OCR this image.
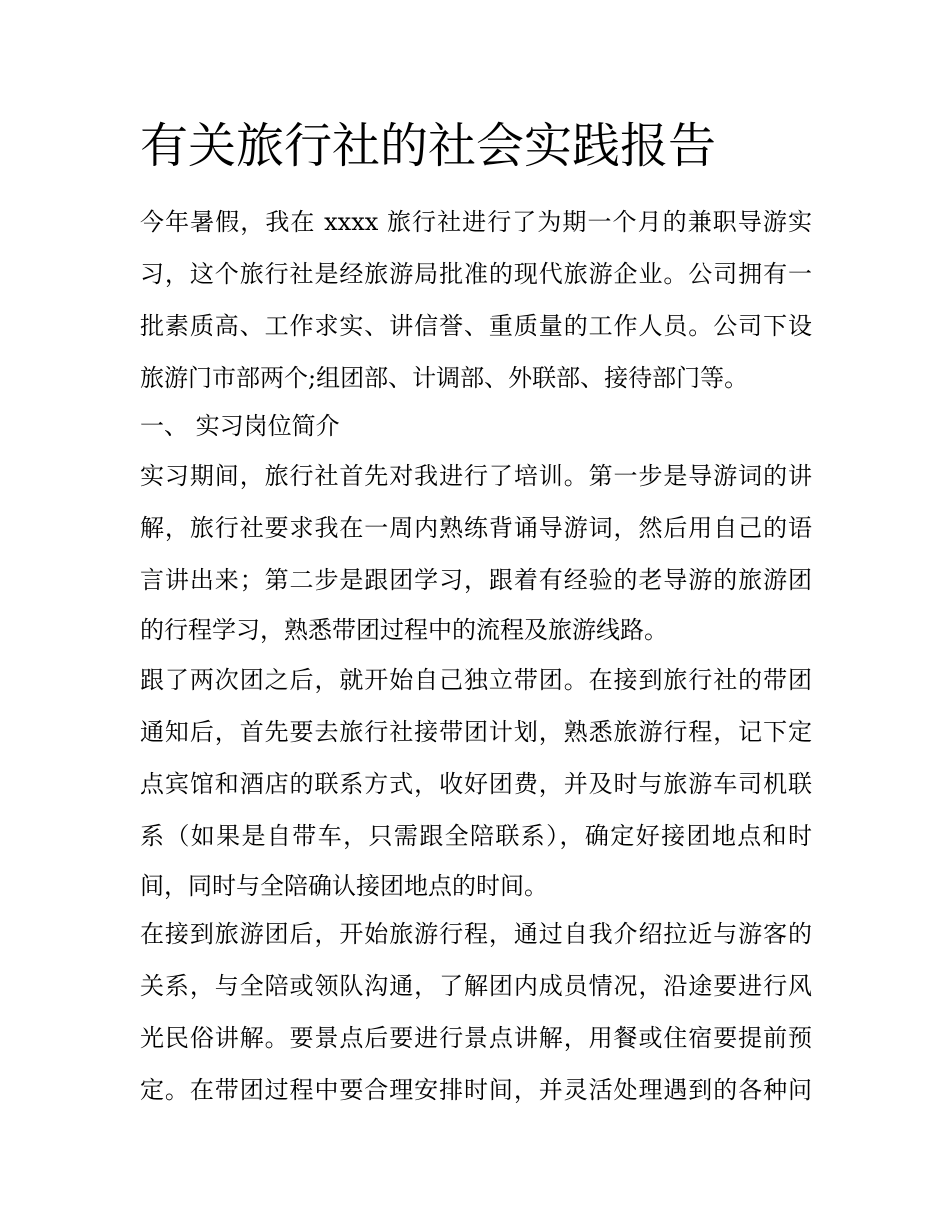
有关旅行社的社会实践报告

今年暑假，我在 xxxx 旅行社进行了为期一个月的兼职导游实

习，这个旅行社是经旅游局批准的现代旅游企业。公司拥有一

批素质高、工作求实、讲信誉、重质量的工作人员。公司下设

旅游门市部两个;组团部、计调部、外联部、接待部门等。

一、 实习岗位简介

实习期间，旅行社首先对我进行了培训。第一步是导游词的讲

解，旅行社要求我在一周内熟练背诵导游词，然后用自己的语

言讲出来；第二步是跟团学习，跟着有经验的老导游的旅游团

的行程学习，熟悉带团过程中的流程及旅游线路。

跟了两次团之后，就开始自己独立带团。在接到旅行社的带团

通知后，首先要去旅行社接带团计划，熟悉旅游行程，记下定

点宾馆和酒店的联系方式，收好团费，并及时与旅游车司机联

系（如果是自带车，只需跟全陪联系），确定好接团地点和时

间，同时与全陪确认接团地点的时间。

在接到旅游团后，开始旅游行程，通过自我介绍拉近与游客的

关系，与全陪或领队沟通，了解团内成员情况，沿途要进行风

光民俗讲解。要景点后要进行景点讲解，用餐或住宿要提前预

定。在带团过程中要合理安排时间，并灵活处理遇到的各种问
